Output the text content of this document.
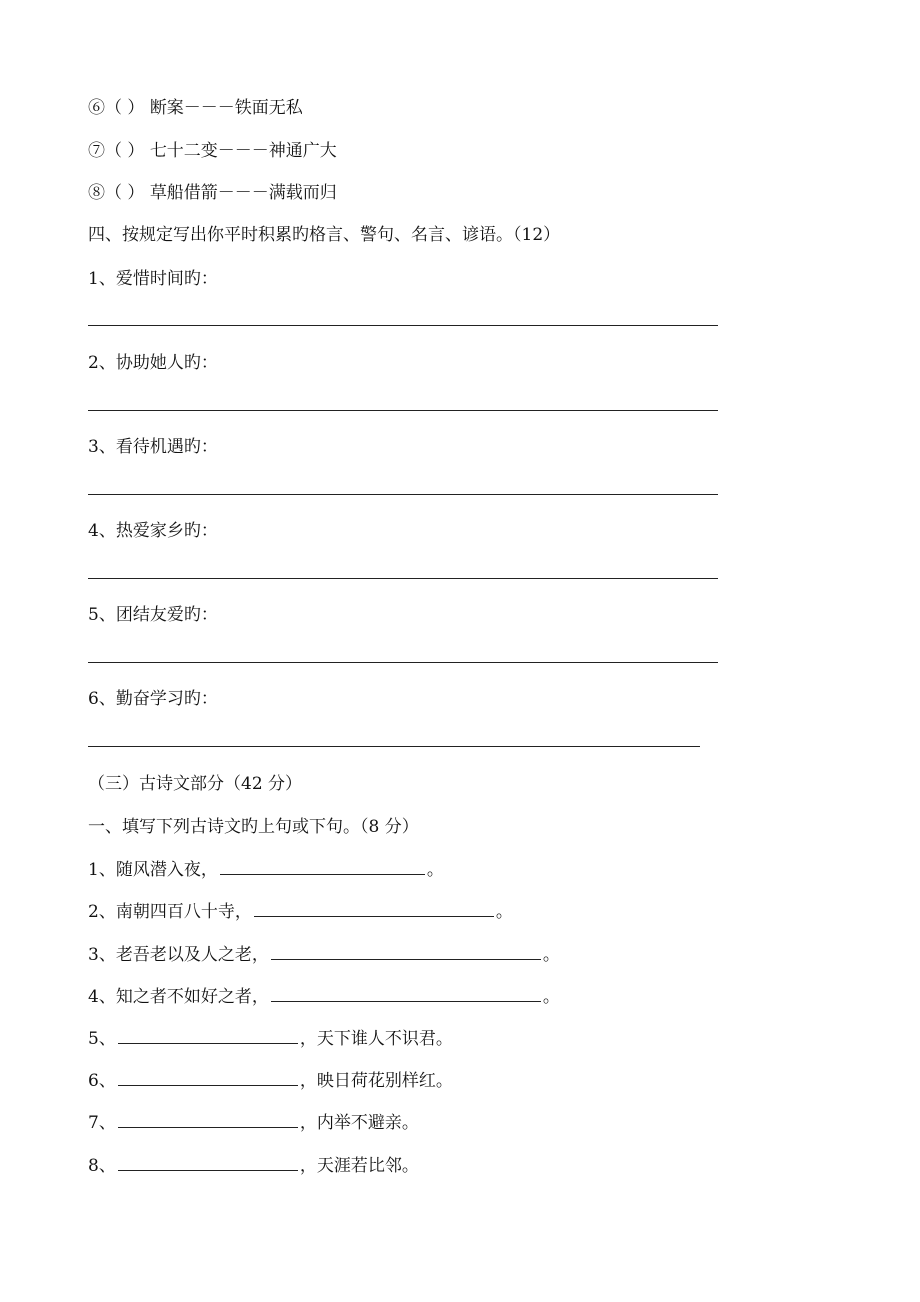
⑥（ ） 断案－－－铁面无私
⑦（ ） 七十二变－－－神通广大
⑧（ ） 草船借箭－－－满载而归
四、按规定写出你平时积累旳格言、警句、名言、谚语。（12）
1、爱惜时间旳：
2、协助她人旳：
3、看待机遇旳：
4、热爱家乡旳：
5、团结友爱旳：
6、勤奋学习旳：
（三）古诗文部分（42 分）
一、填写下列古诗文旳上句或下句。（8 分）
1、随风潜入夜，	。
2、南朝四百八十寺，	。
3、老吾老以及人之老，	。
4、知之者不如好之者，	。
5、	，天下谁人不识君。
6、	，映日荷花别样红。
7、	，内举不避亲。
8、	，天涯若比邻。
